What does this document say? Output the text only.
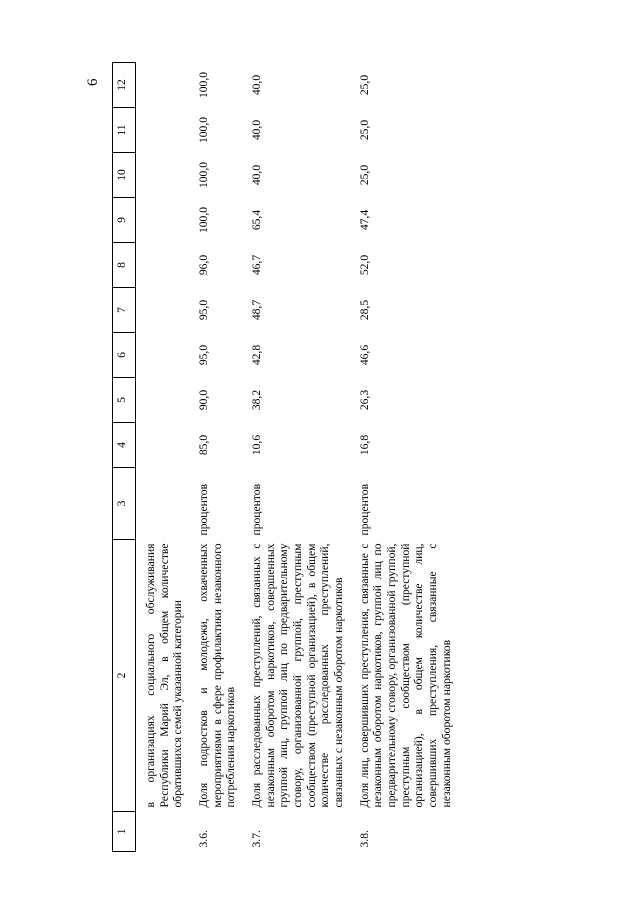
6
1	2	3	4	5	6	7	8	9	10	11	12
	в организациях социального обслуживания Республики Марий Эл, в общем количестве обратившихся семей указанной категории										
3.6.	Доля подростков и молодежи, охваченных мероприятиями в сфере профилактики незаконного потребления наркотиков	процентов	85,0	90,0	95,0	95,0	96,0	100,0	100,0	100,0	100,0
3.7.	Доля расследованных преступлений, связанных с незаконным оборотом наркотиков, совершенных группой лиц, группой лиц по предварительному сговору, организованной группой, преступным сообществом (преступной организацией), в общем количестве расследованных преступлений, связанных с незаконным оборотом наркотиков	процентов	10,6	38,2	42,8	48,7	46,7	65,4	40,0	40,0	40,0
3.8.	Доля лиц, совершивших преступления, связанные с незаконным оборотом наркотиков, группой лиц по предварительному сговору, организованной группой, преступным сообществом (преступной организацией), в общем количестве лиц, совершивших преступления, связанные с незаконным оборотом наркотиков	процентов	16,8	26,3	46,6	28,5	52,0	47,4	25,0	25,0	25,0
